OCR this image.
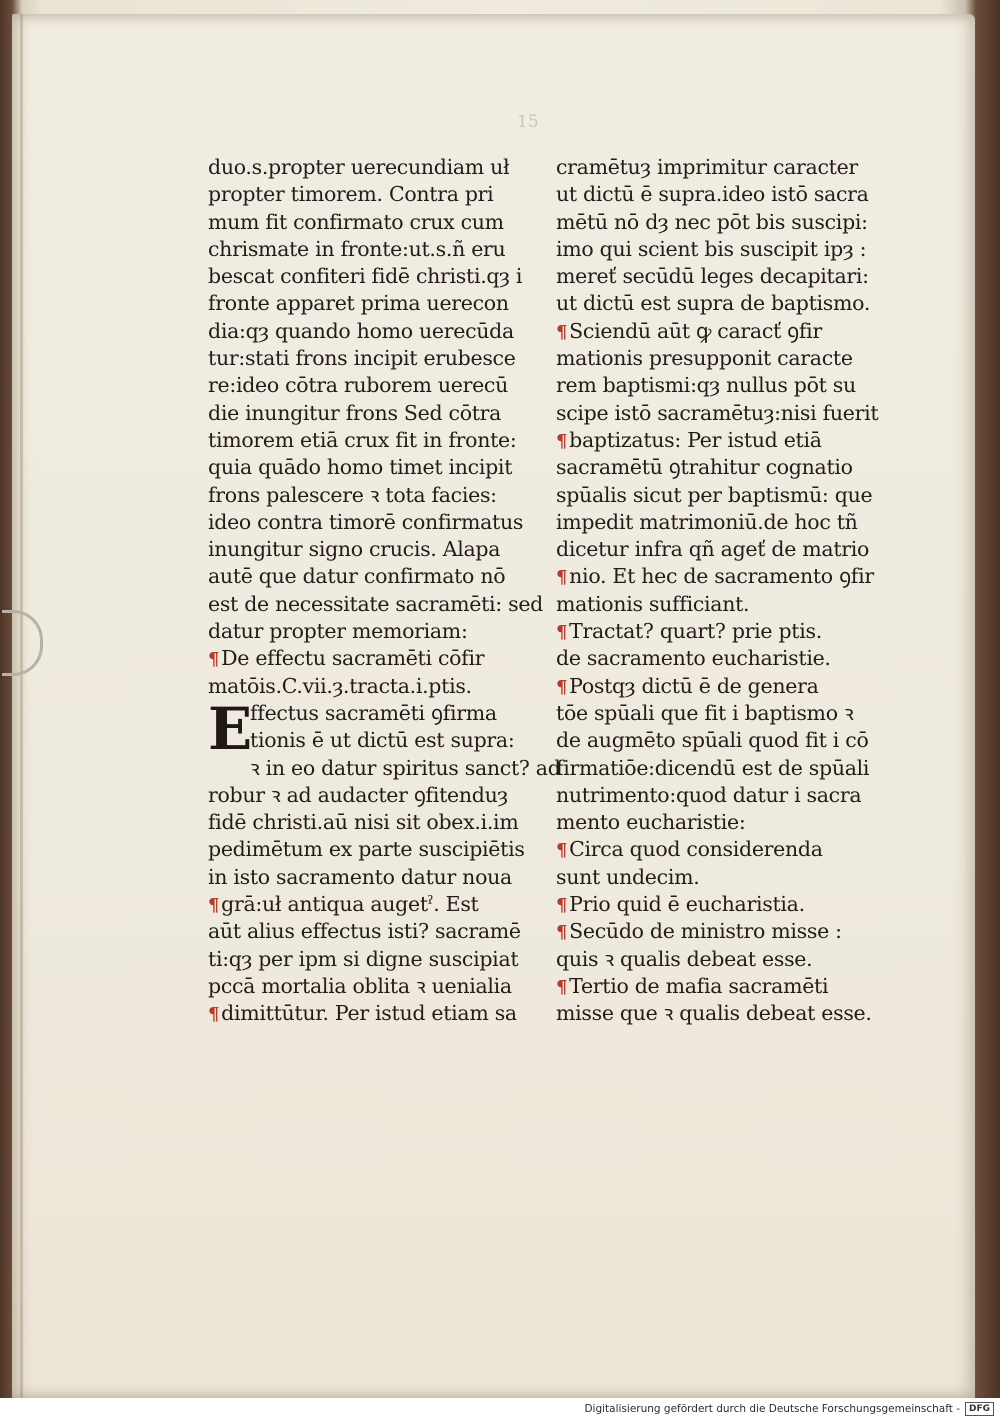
15
duo.s.propter uerecundiam uł
propter timorem. Contra pri
mum fit confirmato crux cum
chrismate in fronte:ut.s.ñ eru
bescat confiteri fidē christi.qȝ i
fronte apparet prima uerecon
dia:qȝ quando homo uerecūda
tur:stati frons incipit erubesce
re:ideo cōtra ruborem uerecū
die inungitur frons Sed cōtra
timorem etiā crux fit in fronte:
quia quādo homo timet incipit
frons palescere ꝛ tota facies:
ideo contra timorē confirmatus
inungitur signo crucis. Alapa
autē que datur confirmato nō
est de necessitate sacramēti: sed
datur propter memoriam:
¶De effectu sacramēti cōfir
matōis.C.vii.ȝ.tracta.i.ptis.
E
ffectus sacramēti ꝯfirma
tionis ē ut dictū est supra:
ꝛ in eo datur spiritus sanct? ad
robur ꝛ ad audacter ꝯfitenduȝ
fidē christi.aū nisi sit obex.i.im
pedimētum ex parte suscipiētis
in isto sacramento datur noua
¶grā:uł antiqua augetˀ. Est
aūt alius effectus isti? sacramē
ti:qȝ per ipm si digne suscipiat
pccā mortalia oblita ꝛ uenialia
¶dimittūtur. Per istud etiam sa
cramētuȝ imprimitur caracter
ut dictū ē supra.ideo istō sacra
mētū nō dȝ nec pōt bis suscipi:
imo qui scient bis suscipit ipȝ :
mereť secūdū leges decapitari:
ut dictū est supra de baptismo.
¶Sciendū aūt ꝙ caracť ꝯfir
mationis presupponit caracte
rem baptismi:qȝ nullus pōt su
scipe istō sacramētuȝ:nisi fuerit
¶baptizatus: Per istud etiā
sacramētū ꝯtrahitur cognatio
spūalis sicut per baptismū: que
impedit matrimoniū.de hoc tñ
dicetur infra qñ ageť de matrio
¶nio. Et hec de sacramento ꝯfir
mationis sufficiant.
¶Tractat? quart? prie ptis.
de sacramento eucharistie.
¶Postqȝ dictū ē de genera
tōe spūali que fit i baptismo ꝛ
de augmēto spūali quod fit i cō
firmatiōe:dicendū est de spūali
nutrimento:quod datur i sacra
mento eucharistie:
¶Circa quod considerenda
sunt undecim.
¶Prio quid ē eucharistia.
¶Secūdo de ministro misse :
quis ꝛ qualis debeat esse.
¶Tertio de mafia sacramēti
misse que ꝛ qualis debeat esse.
Digitalisierung gefördert durch die Deutsche Forschungsgemeinschaft -	DFG
